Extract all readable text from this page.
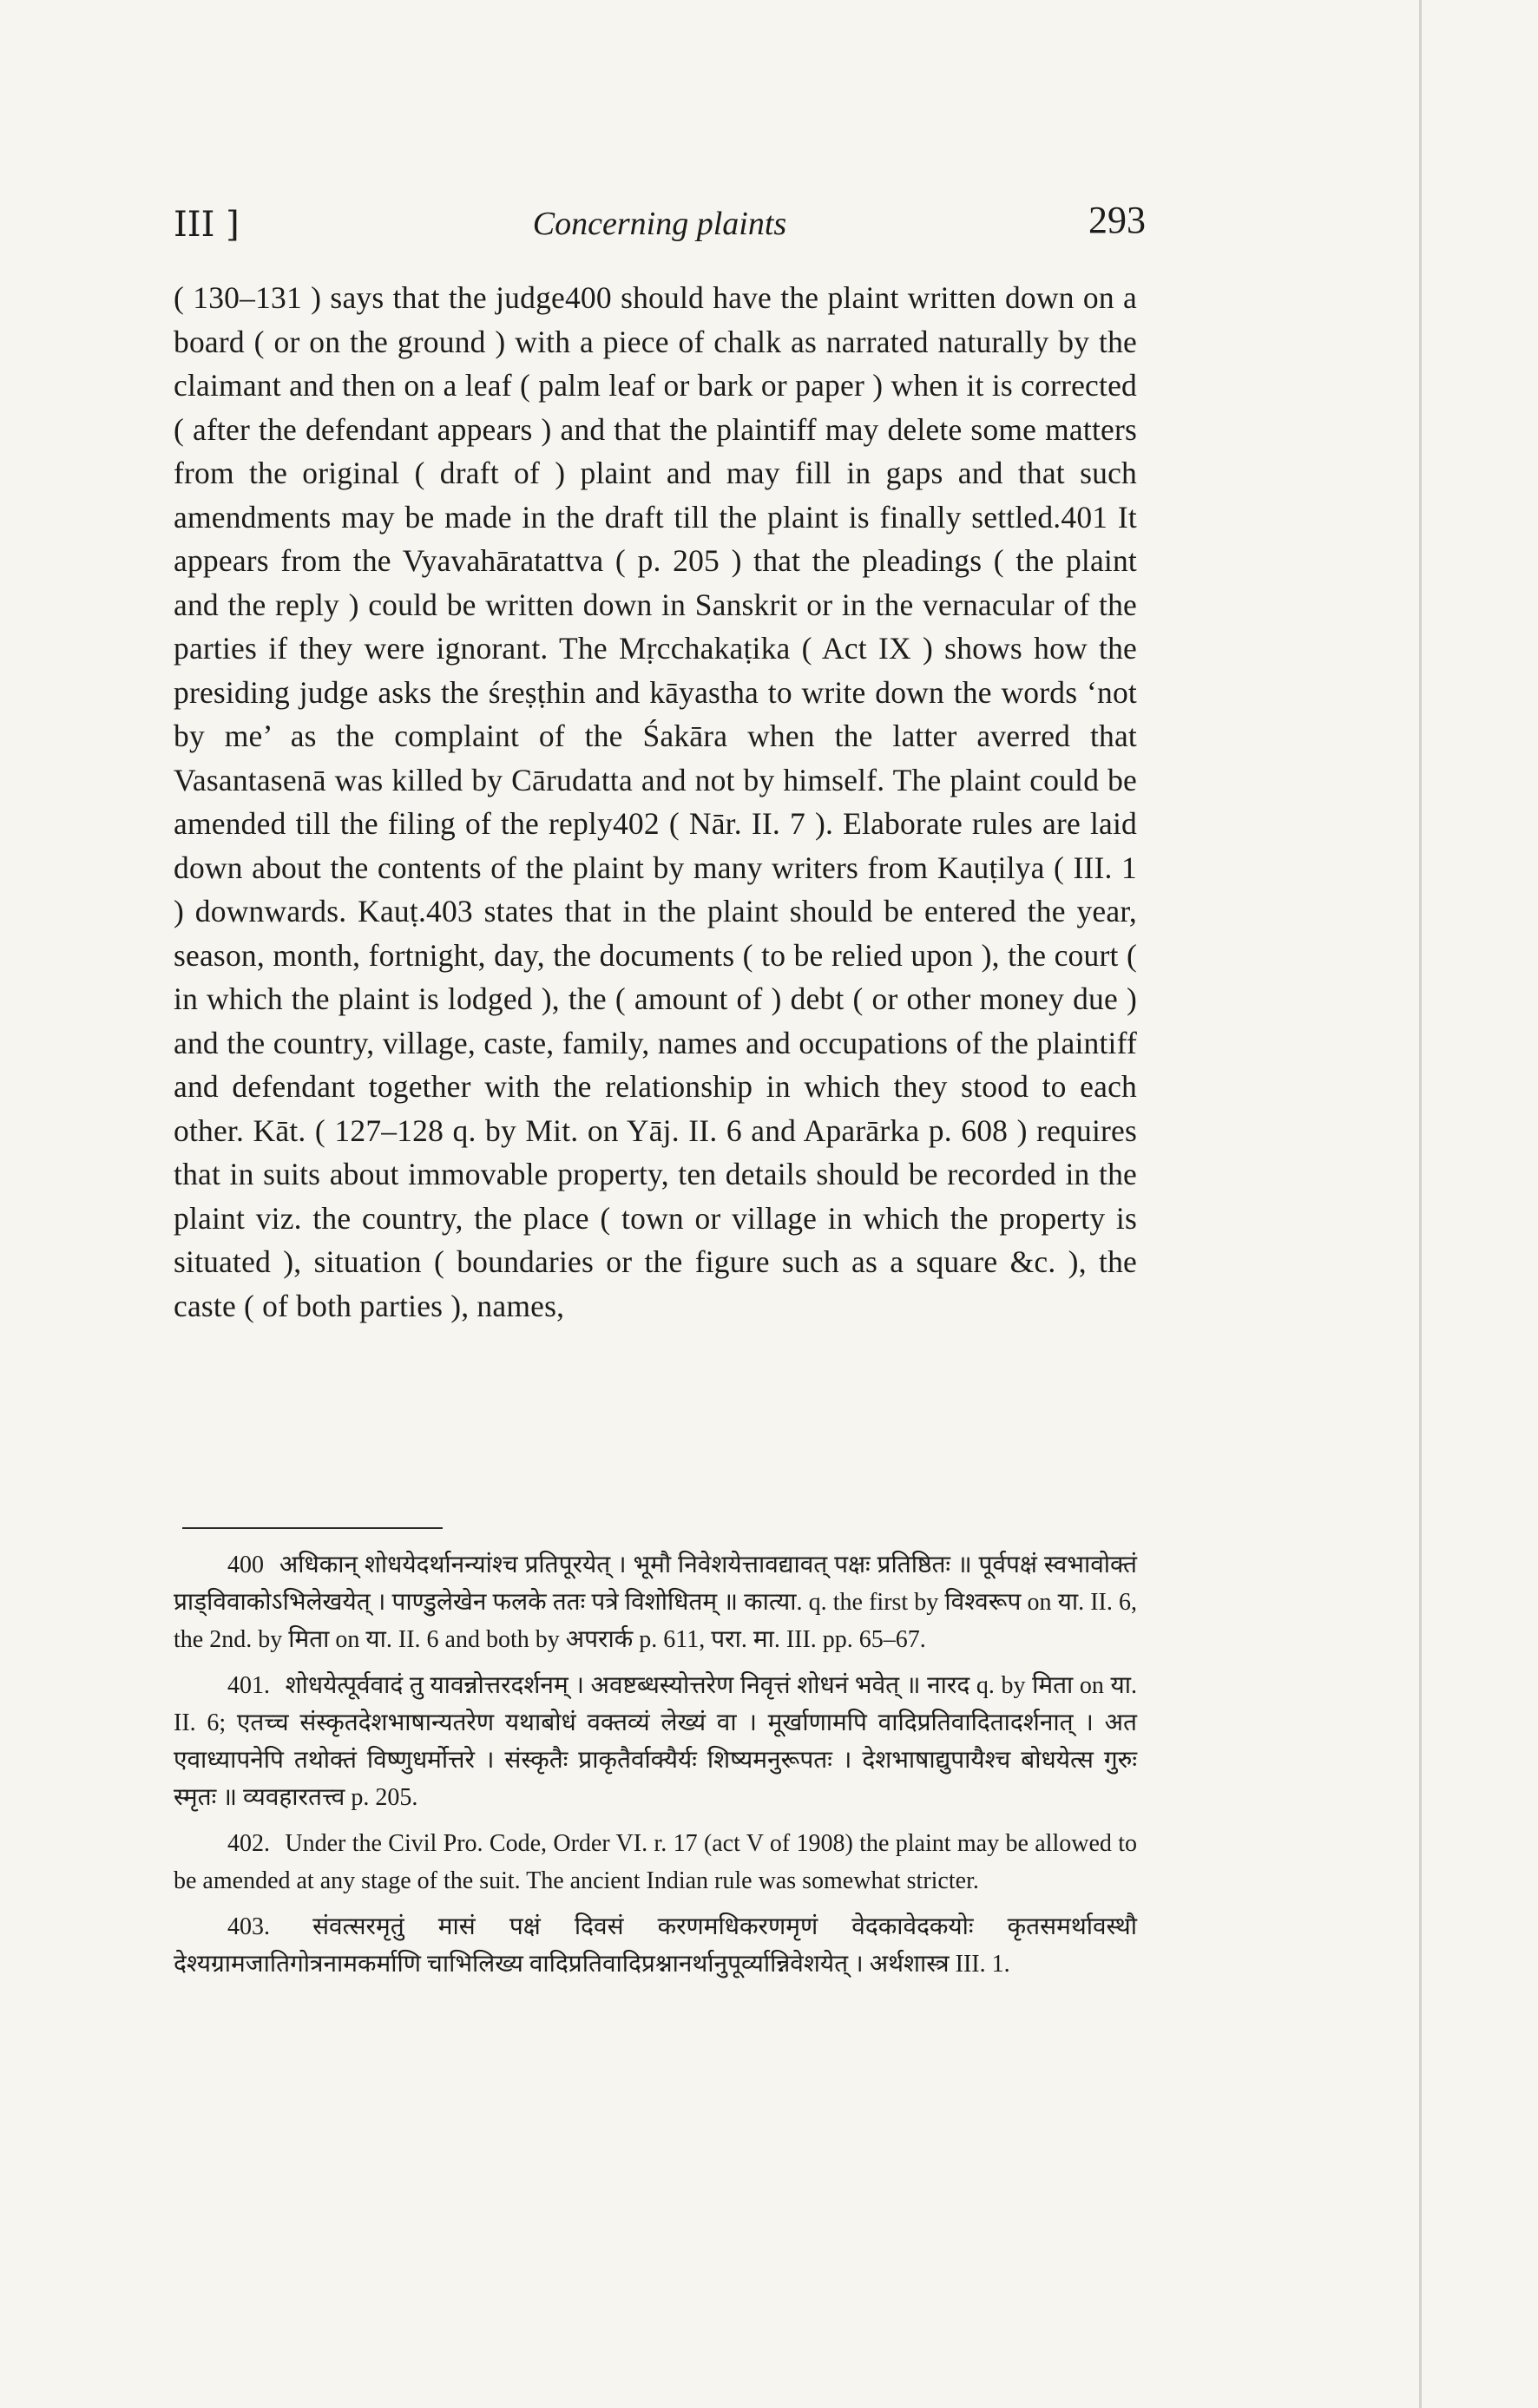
III ]	Concerning plaints	293

( 130–131 ) says that the judge400 should have the plaint written down on a board ( or on the ground ) with a piece of chalk as narrated naturally by the claimant and then on a leaf ( palm leaf or bark or paper ) when it is corrected ( after the defendant appears ) and that the plaintiff may delete some matters from the original ( draft of ) plaint and may fill in gaps and that such amendments may be made in the draft till the plaint is finally settled.401 It appears from the Vyavahāratattva ( p. 205 ) that the pleadings ( the plaint and the reply ) could be written down in Sanskrit or in the vernacular of the parties if they were ignorant. The Mṛcchakaṭika ( Act IX ) shows how the presiding judge asks the śreṣṭhin and kāyastha to write down the words ‘not by me’ as the complaint of the Śakāra when the latter averred that Vasantasenā was killed by Cārudatta and not by himself. The plaint could be amended till the filing of the reply402 ( Nār. II. 7 ). Elaborate rules are laid down about the contents of the plaint by many writers from Kauṭilya ( III. 1 ) downwards. Kauṭ.403 states that in the plaint should be entered the year, season, month, fortnight, day, the documents ( to be relied upon ), the court ( in which the plaint is lodged ), the ( amount of ) debt ( or other money due ) and the country, village, caste, family, names and occupations of the plaintiff and defendant together with the relationship in which they stood to each other. Kāt. ( 127–128 q. by Mit. on Yāj. II. 6 and Aparārka p. 608 ) requires that in suits about immovable property, ten details should be recorded in the plaint viz. the country, the place ( town or village in which the property is situated ), situation ( boundaries or the figure such as a square &c. ), the caste ( of both parties ), names,

400 अधिकान् शोधयेदर्थानन्यांश्च प्रतिपूरयेत् । भूमौ निवेशयेत्तावद्यावत् पक्षः प्रतिष्ठितः ॥ पूर्वपक्षं स्वभावोक्तं प्राड्विवाकोऽभिलेखयेत् । पाण्डुलेखेन फलके ततः पत्रे विशोधितम् ॥ कात्या. q. the first by विश्वरूप on या. II. 6, the 2nd. by मिता on या. II. 6 and both by अपरार्क p. 611, परा. मा. III. pp. 65–67.

401. शोधयेत्पूर्ववादं तु यावन्नोत्तरदर्शनम् । अवष्टब्धस्योत्तरेण निवृत्तं शोधनं भवेत् ॥ नारद q. by मिता on या. II. 6; एतच्च संस्कृतदेशभाषान्यतरेण यथाबोधं वक्तव्यं लेख्यं वा । मूर्खाणामपि वादिप्रतिवादितादर्शनात् । अत एवाध्यापनेपि तथोक्तं विष्णुधर्मोत्तरे । संस्कृतैः प्राकृतैर्वाक्यैर्यः शिष्यमनुरूपतः । देशभाषाद्युपायैश्च बोधयेत्स गुरुः स्मृतः ॥ व्यवहारतत्त्व p. 205.

402. Under the Civil Pro. Code, Order VI. r. 17 (act V of 1908) the plaint may be allowed to be amended at any stage of the suit. The ancient Indian rule was somewhat stricter.

403. संवत्सरमृतुं मासं पक्षं दिवसं करणमधिकरणमृणं वेदकावेदकयोः कृतसमर्थावस्थौ देश्यग्रामजातिगोत्रनामकर्माणि चाभिलिख्य वादिप्रतिवादिप्रश्नानर्थानुपूर्व्यान्निवेशयेत् । अर्थशास्त्र III. 1.
